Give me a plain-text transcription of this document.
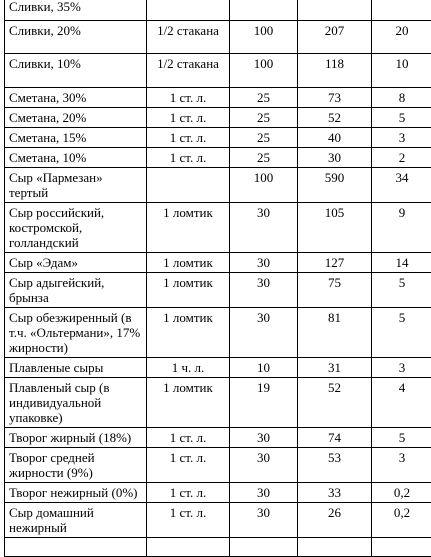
Сливки, 35%				
Сливки, 20%	1/2 стакана	100	207	20
Сливки, 10%	1/2 стакана	100	118	10
Сметана, 30%	1 ст. л.	25	73	8
Сметана, 20%	1 ст. л.	25	52	5
Сметана, 15%	1 ст. л.	25	40	3
Сметана, 10%	1 ст. л.	25	30	2
Сыр «Пармезан» тертый		100	590	34
Сыр российский, костромской, голландский	1 ломтик	30	105	9
Сыр «Эдам»	1 ломтик	30	127	14
Сыр адыгейский, брынза	1 ломтик	30	75	5
Сыр обезжиренный (в т.ч. «Ольтермани», 17% жирности)	1 ломтик	30	81	5
Плавленые сыры	1 ч. л.	10	31	3
Плавленый сыр (в индивидуальной упаковке)	1 ломтик	19	52	4
Творог жирный (18%)	1 ст. л.	30	74	5
Творог средней жирности (9%)	1 ст. л.	30	53	3
Творог нежирный (0%)	1 ст. л.	30	33	0,2
Сыр домашний нежирный	1 ст. л.	30	26	0,2
